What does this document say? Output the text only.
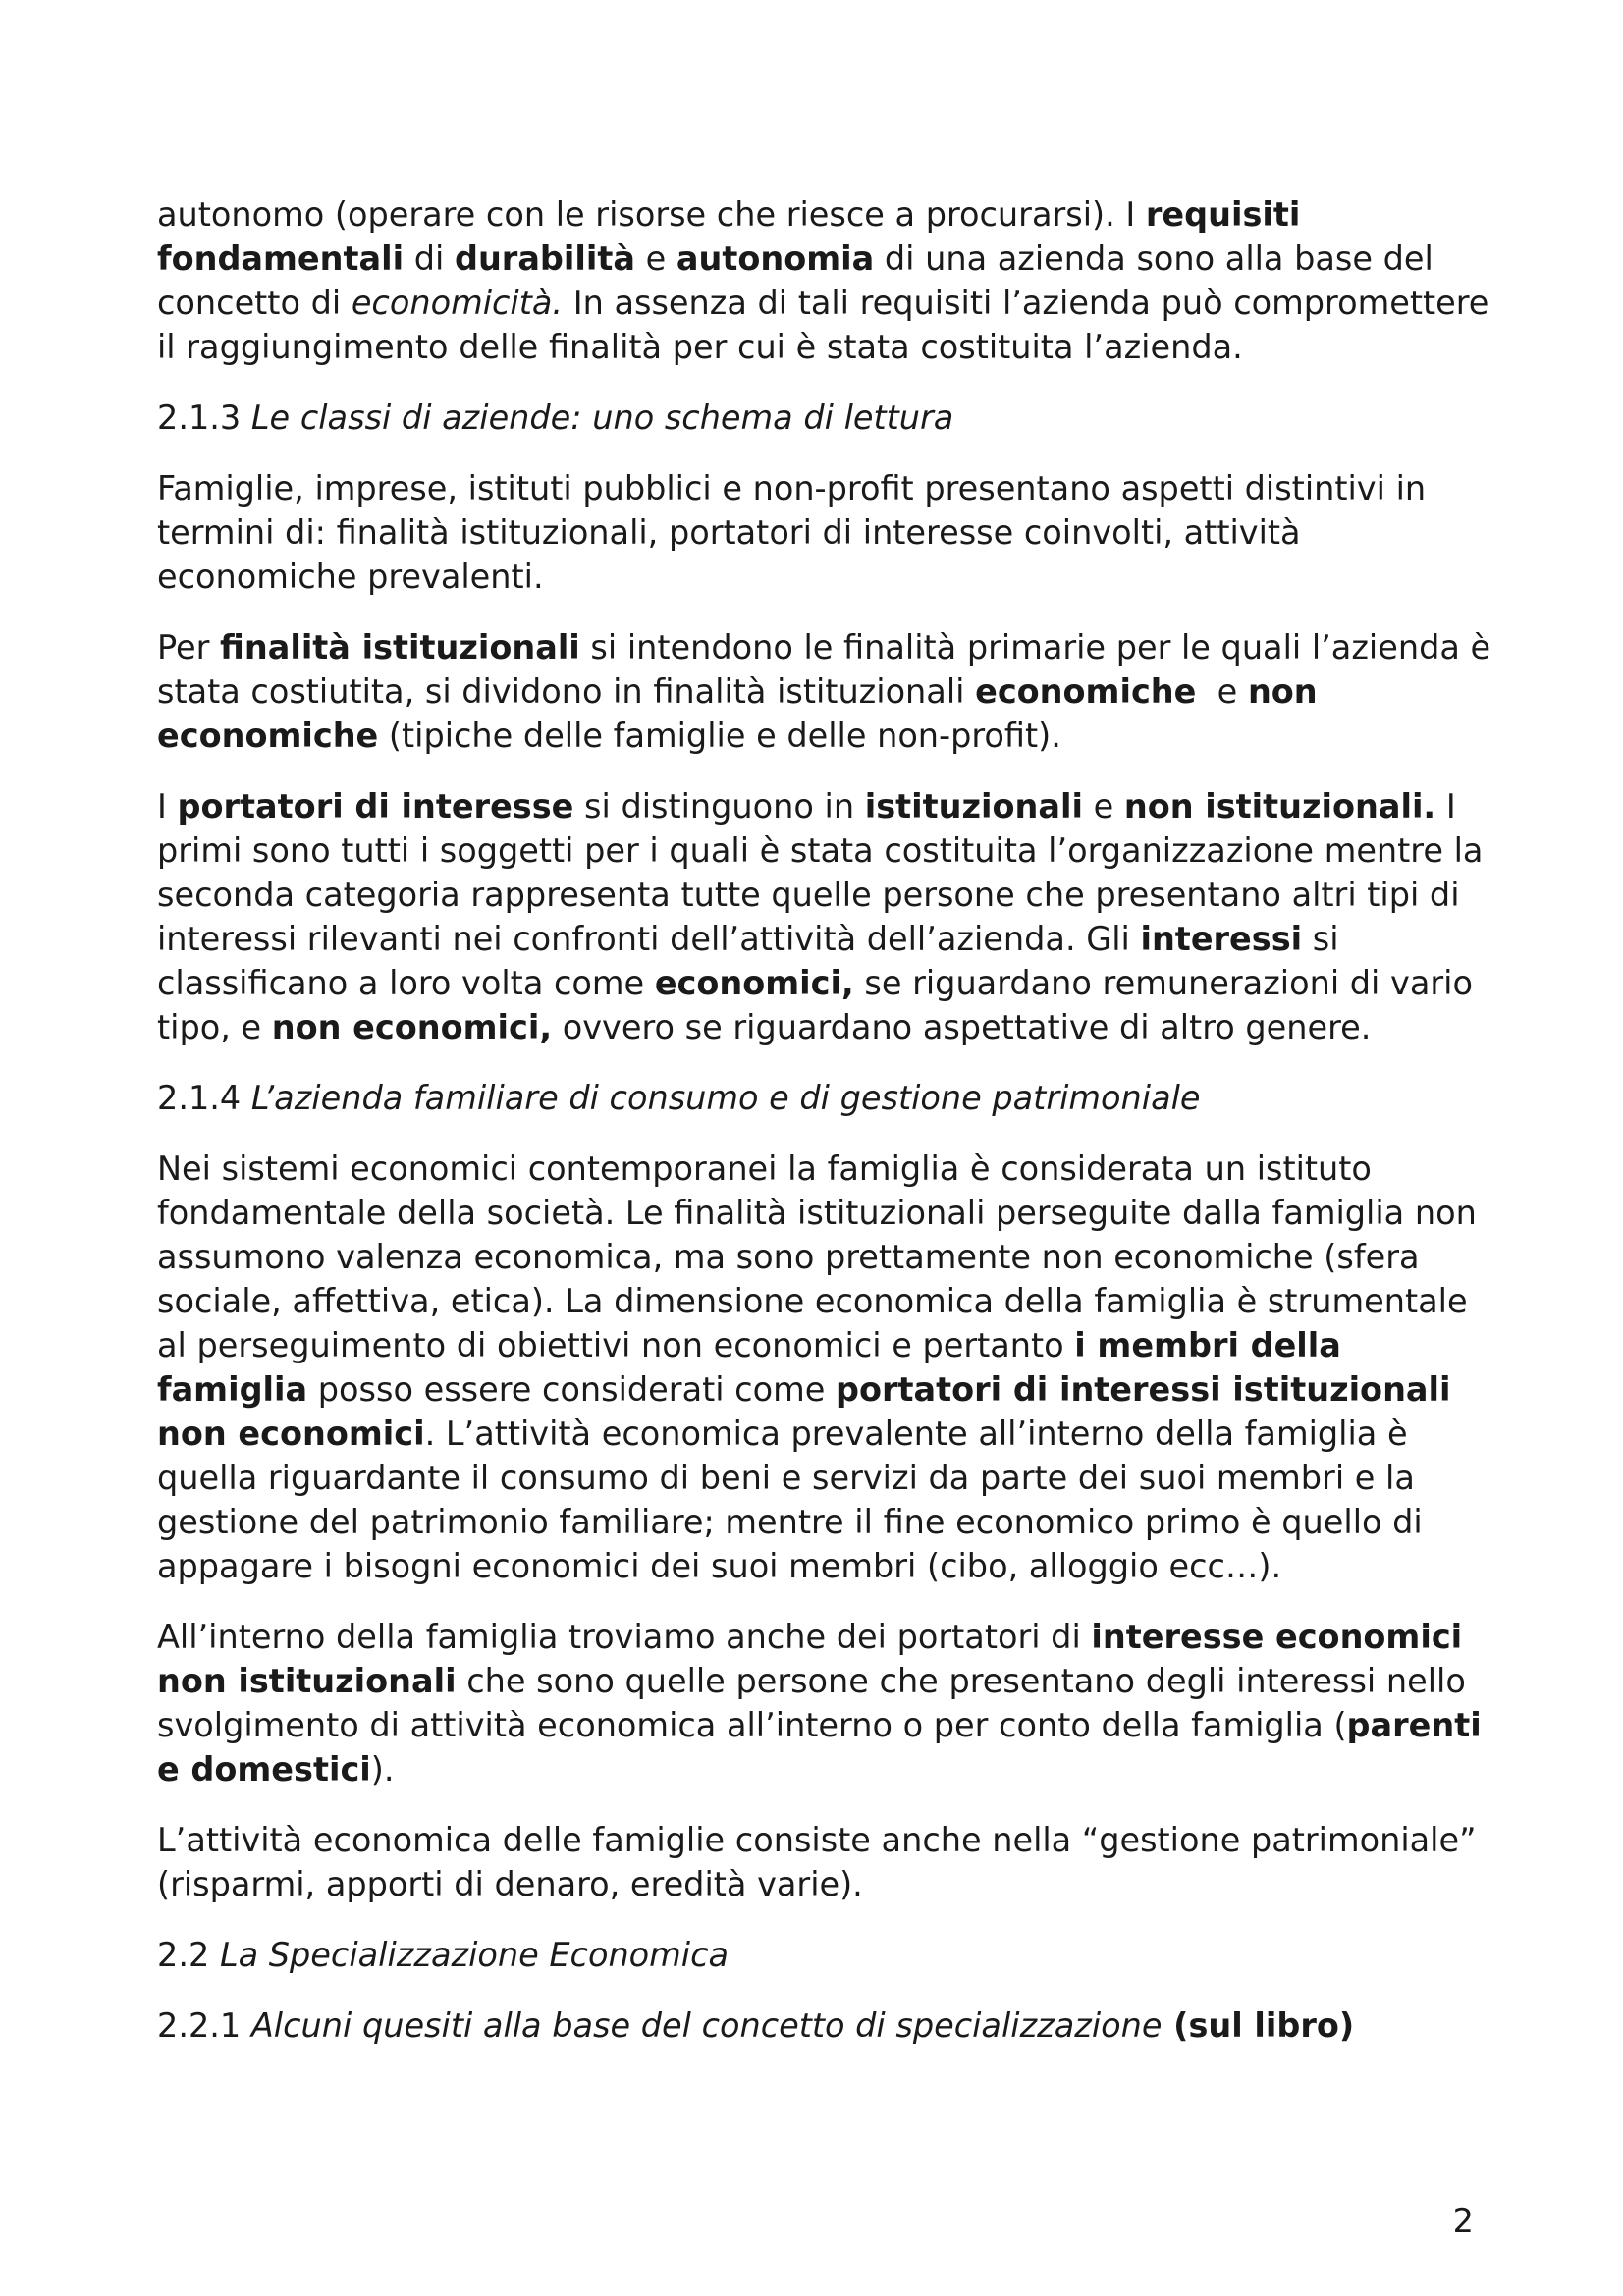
autonomo (operare con le risorse che riesce a procurarsi). I requisiti fondamentali di durabilità e autonomia di una azienda sono alla base del concetto di economicità. In assenza di tali requisiti l’azienda può compromettere il raggiungimento delle finalità per cui è stata costituita l’azienda.

2.1.3 Le classi di aziende: uno schema di lettura

Famiglie, imprese, istituti pubblici e non-profit presentano aspetti distintivi in termini di: finalità istituzionali, portatori di interesse coinvolti, attività economiche prevalenti.

Per finalità istituzionali si intendono le finalità primarie per le quali l’azienda è stata costiutita, si dividono in finalità istituzionali economiche  e non economiche (tipiche delle famiglie e delle non-profit).

I portatori di interesse si distinguono in istituzionali e non istituzionali. I primi sono tutti i soggetti per i quali è stata costituita l’organizzazione mentre la seconda categoria rappresenta tutte quelle persone che presentano altri tipi di interessi rilevanti nei confronti dell’attività dell’azienda. Gli interessi si classificano a loro volta come economici, se riguardano remunerazioni di vario tipo, e non economici, ovvero se riguardano aspettative di altro genere.

2.1.4 L’azienda familiare di consumo e di gestione patrimoniale

Nei sistemi economici contemporanei la famiglia è considerata un istituto fondamentale della società. Le finalità istituzionali perseguite dalla famiglia non assumono valenza economica, ma sono prettamente non economiche (sfera sociale, affettiva, etica). La dimensione economica della famiglia è strumentale al perseguimento di obiettivi non economici e pertanto i membri della famiglia posso essere considerati come portatori di interessi istituzionali non economici. L’attività economica prevalente all’interno della famiglia è quella riguardante il consumo di beni e servizi da parte dei suoi membri e la gestione del patrimonio familiare; mentre il fine economico primo è quello di appagare i bisogni economici dei suoi membri (cibo, alloggio ecc…).

All’interno della famiglia troviamo anche dei portatori di interesse economici non istituzionali che sono quelle persone che presentano degli interessi nello svolgimento di attività economica all’interno o per conto della famiglia (parenti e domestici).

L’attività economica delle famiglie consiste anche nella “gestione patrimoniale” (risparmi, apporti di denaro, eredità varie).

2.2 La Specializzazione Economica

2.2.1 Alcuni quesiti alla base del concetto di specializzazione (sul libro)

2
